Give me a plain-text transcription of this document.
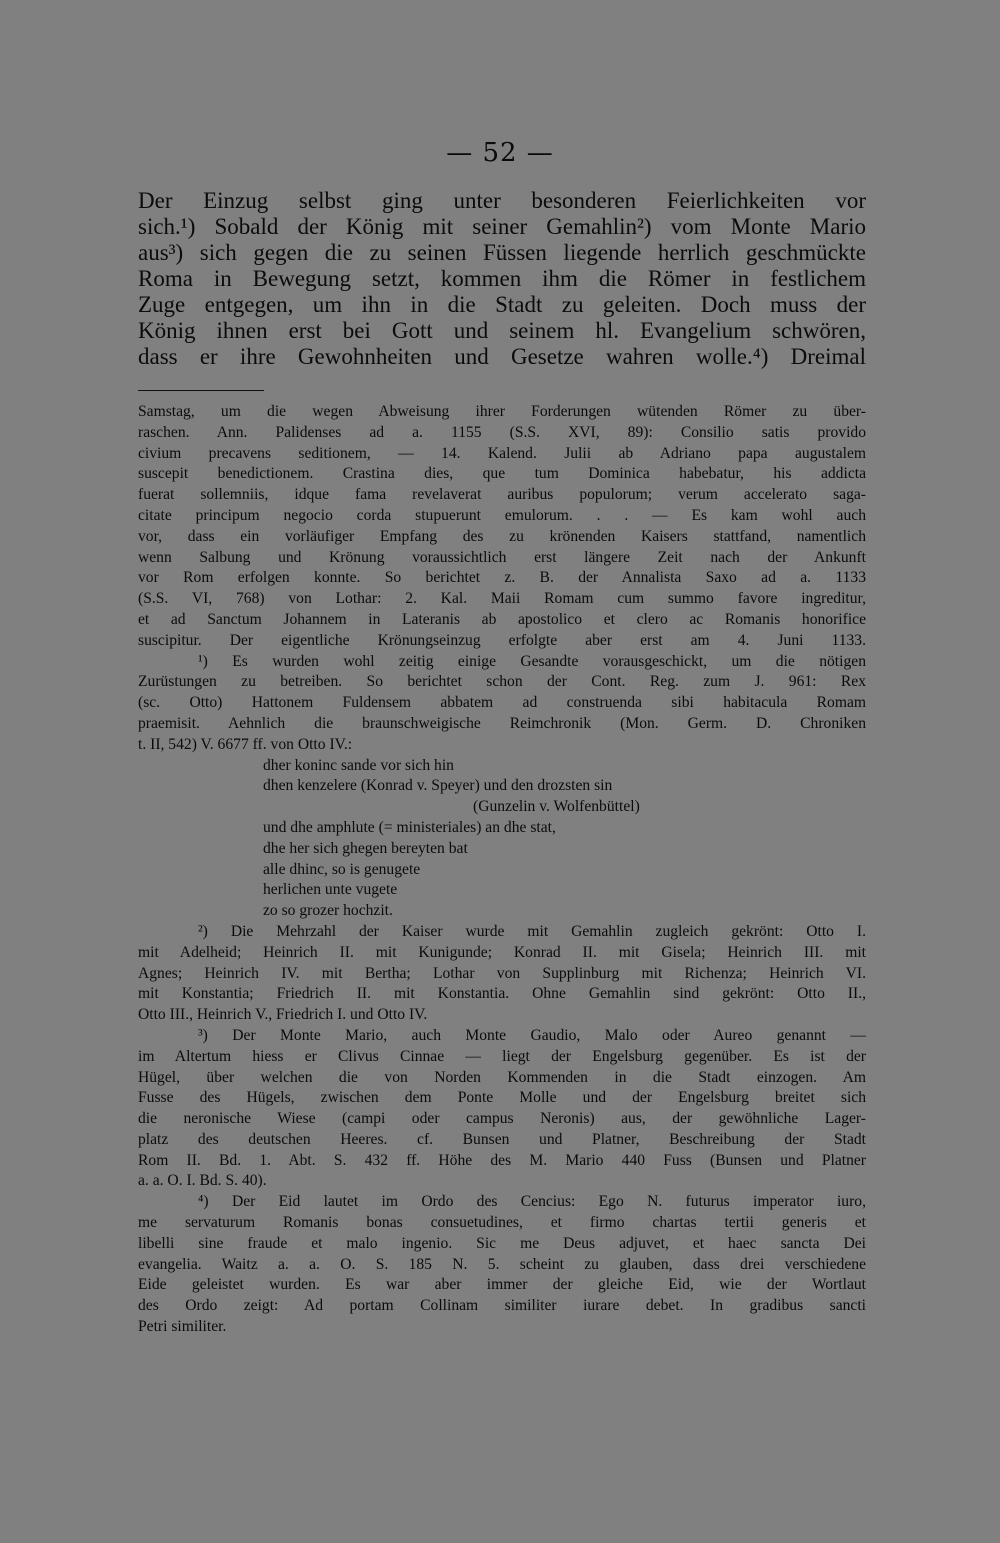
— 52 —
Der Einzug selbst ging unter besonderen Feierlichkeiten vor
sich.¹) Sobald der König mit seiner Gemahlin²) vom Monte Mario
aus³) sich gegen die zu seinen Füssen liegende herrlich geschmückte
Roma in Bewegung setzt, kommen ihm die Römer in festlichem
Zuge entgegen, um ihn in die Stadt zu geleiten. Doch muss der
König ihnen erst bei Gott und seinem hl. Evangelium schwören,
dass er ihre Gewohnheiten und Gesetze wahren wolle.⁴) Dreimal
Samstag, um die wegen Abweisung ihrer Forderungen wütenden Römer zu über-
raschen. Ann. Palidenses ad a. 1155 (S.S. XVI, 89): Consilio satis provido
civium precavens seditionem, — 14. Kalend. Julii ab Adriano papa augustalem
suscepit benedictionem. Crastina dies, que tum Dominica habebatur, his addicta
fuerat sollemniis, idque fama revelaverat auribus populorum; verum accelerato saga-
citate principum negocio corda stupuerunt emulorum. . . — Es kam wohl auch
vor, dass ein vorläufiger Empfang des zu krönenden Kaisers stattfand, namentlich
wenn Salbung und Krönung voraussichtlich erst längere Zeit nach der Ankunft
vor Rom erfolgen konnte. So berichtet z. B. der Annalista Saxo ad a. 1133
(S.S. VI, 768) von Lothar: 2. Kal. Maii Romam cum summo favore ingreditur,
et ad Sanctum Johannem in Lateranis ab apostolico et clero ac Romanis honorifice
suscipitur. Der eigentliche Krönungseinzug erfolgte aber erst am 4. Juni 1133.
¹) Es wurden wohl zeitig einige Gesandte vorausgeschickt, um die nötigen
Zurüstungen zu betreiben. So berichtet schon der Cont. Reg. zum J. 961: Rex
(sc. Otto) Hattonem Fuldensem abbatem ad construenda sibi habitacula Romam
praemisit. Aehnlich die braunschweigische Reimchronik (Mon. Germ. D. Chroniken
t. II, 542) V. 6677 ff. von Otto IV.:
dher koninc sande vor sich hin
dhen kenzelere (Konrad v. Speyer) und den drozsten sin
(Gunzelin v. Wolfenbüttel)
und dhe amphlute (= ministeriales) an dhe stat,
dhe her sich ghegen bereyten bat
alle dhinc, so is genugete
herlichen unte vugete
zo so grozer hochzit.
²) Die Mehrzahl der Kaiser wurde mit Gemahlin zugleich gekrönt: Otto I.
mit Adelheid; Heinrich II. mit Kunigunde; Konrad II. mit Gisela; Heinrich III. mit
Agnes; Heinrich IV. mit Bertha; Lothar von Supplinburg mit Richenza; Heinrich VI.
mit Konstantia; Friedrich II. mit Konstantia. Ohne Gemahlin sind gekrönt: Otto II.,
Otto III., Heinrich V., Friedrich I. und Otto IV.
³) Der Monte Mario, auch Monte Gaudio, Malo oder Aureo genannt —
im Altertum hiess er Clivus Cinnae — liegt der Engelsburg gegenüber. Es ist der
Hügel, über welchen die von Norden Kommenden in die Stadt einzogen. Am
Fusse des Hügels, zwischen dem Ponte Molle und der Engelsburg breitet sich
die neronische Wiese (campi oder campus Neronis) aus, der gewöhnliche Lager-
platz des deutschen Heeres. cf. Bunsen und Platner, Beschreibung der Stadt
Rom II. Bd. 1. Abt. S. 432 ff. Höhe des M. Mario 440 Fuss (Bunsen und Platner
a. a. O. I. Bd. S. 40).
⁴) Der Eid lautet im Ordo des Cencius: Ego N. futurus imperator iuro,
me servaturum Romanis bonas consuetudines, et firmo chartas tertii generis et
libelli sine fraude et malo ingenio. Sic me Deus adjuvet, et haec sancta Dei
evangelia. Waitz a. a. O. S. 185 N. 5. scheint zu glauben, dass drei verschiedene
Eide geleistet wurden. Es war aber immer der gleiche Eid, wie der Wortlaut
des Ordo zeigt: Ad portam Collinam similiter iurare debet. In gradibus sancti
Petri similiter.
